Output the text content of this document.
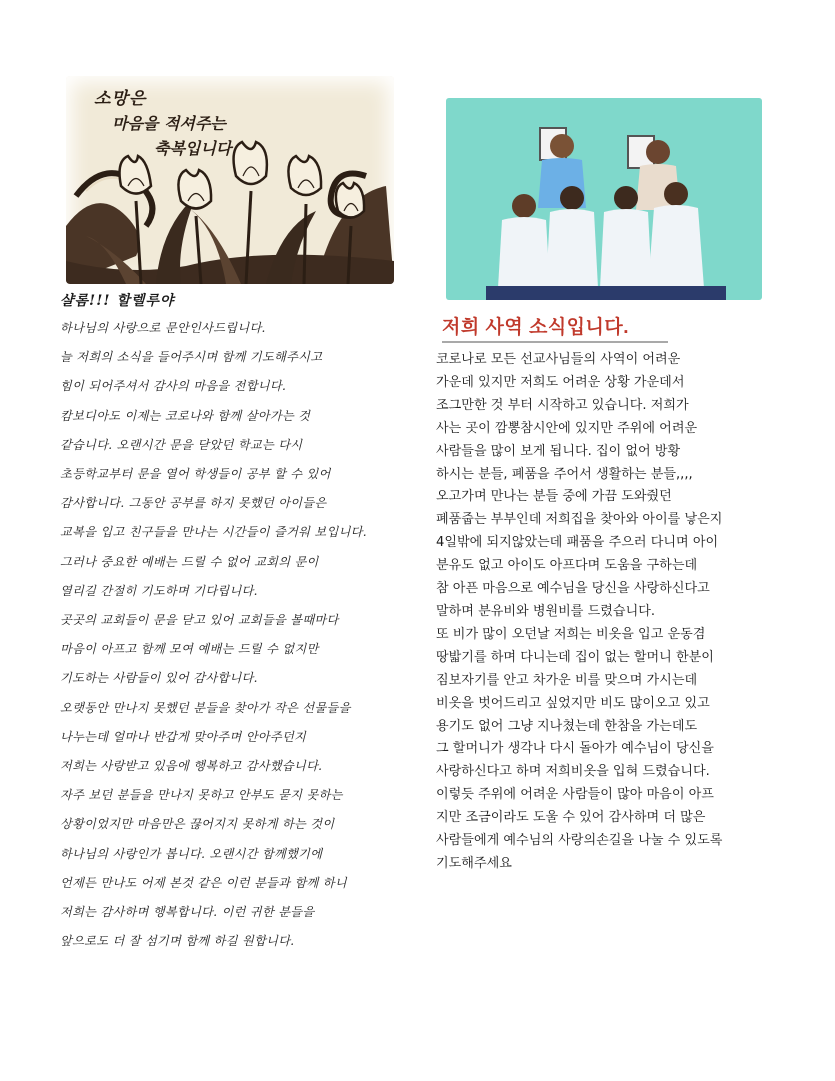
소망은
마음을 적셔주는
축복입니다
샬롬!!! 할렐루야
하나님의 사랑으로 문안인사드립니다.
늘 저희의 소식을 들어주시며 함께 기도해주시고
힘이 되어주셔서 감사의 마음을 전합니다.
캄보디아도 이제는 코로나와 함께 살아가는 것
같습니다. 오랜시간 문을 닫았던 학교는 다시
초등학교부터 문을 열어 학생들이 공부 할 수 있어
감사합니다. 그동안 공부를 하지 못했던 아이들은
교복을 입고 친구들을 만나는 시간들이 즐거워 보입니다.
그러나 중요한 예배는 드릴 수 없어 교회의 문이
열리길 간절히 기도하며 기다립니다.
곳곳의 교회들이 문을 닫고 있어 교회들을 볼때마다
마음이 아프고 함께 모여 예배는 드릴 수 없지만
기도하는 사람들이 있어 감사합니다.
오랫동안 만나지 못했던 분들을 찾아가 작은 선물들을
나누는데 얼마나 반갑게 맞아주며 안아주던지
저희는 사랑받고 있음에 행복하고 감사했습니다.
자주 보던 분들을 만나지 못하고 안부도 묻지 못하는
상황이었지만 마음만은 끊어지지 못하게 하는 것이
하나님의 사랑인가 봅니다. 오랜시간 함께했기에
언제든 만나도 어제 본것 같은 이런 분들과 함께 하니
저희는 감사하며 행복합니다. 이런 귀한 분들을
앞으로도 더 잘 섬기며 함께 하길 원합니다.
저희 사역 소식입니다.
코로나로 모든 선교사님들의 사역이 어려운
가운데 있지만 저희도 어려운 상황 가운데서
조그만한 것 부터 시작하고 있습니다. 저희가
사는 곳이 깜뽕참시안에 있지만 주위에 어려운
사람들을 많이 보게 됩니다. 집이 없어 방황
하시는 분들, 폐품을 주어서 생활하는 분들,,,,
오고가며 만나는 분들 중에 가끔 도와줬던
폐품줍는 부부인데 저희집을 찾아와 아이를 낳은지
4일밖에 되지않았는데 패품을 주으러 다니며 아이
분유도 없고 아이도 아프다며 도움을 구하는데
참 아픈 마음으로 예수님을 당신을 사랑하신다고
말하며 분유비와 병원비를 드렸습니다.
또 비가 많이 오던날 저희는 비옷을 입고 운동겸
땅밟기를 하며 다니는데 집이 없는 할머니 한분이
짐보자기를 안고 차가운 비를 맞으며 가시는데
비옷을 벗어드리고 싶었지만 비도 많이오고 있고
용기도 없어 그냥 지나쳤는데 한참을 가는데도
그 할머니가 생각나 다시 돌아가 예수님이 당신을
사랑하신다고 하며 저희비옷을 입혀 드렸습니다.
이렇듯 주위에 어려운 사람들이 많아 마음이 아프
지만 조금이라도 도울 수 있어 감사하며 더 많은
사람들에게 예수님의 사랑의손길을 나눌 수 있도록
기도해주세요
